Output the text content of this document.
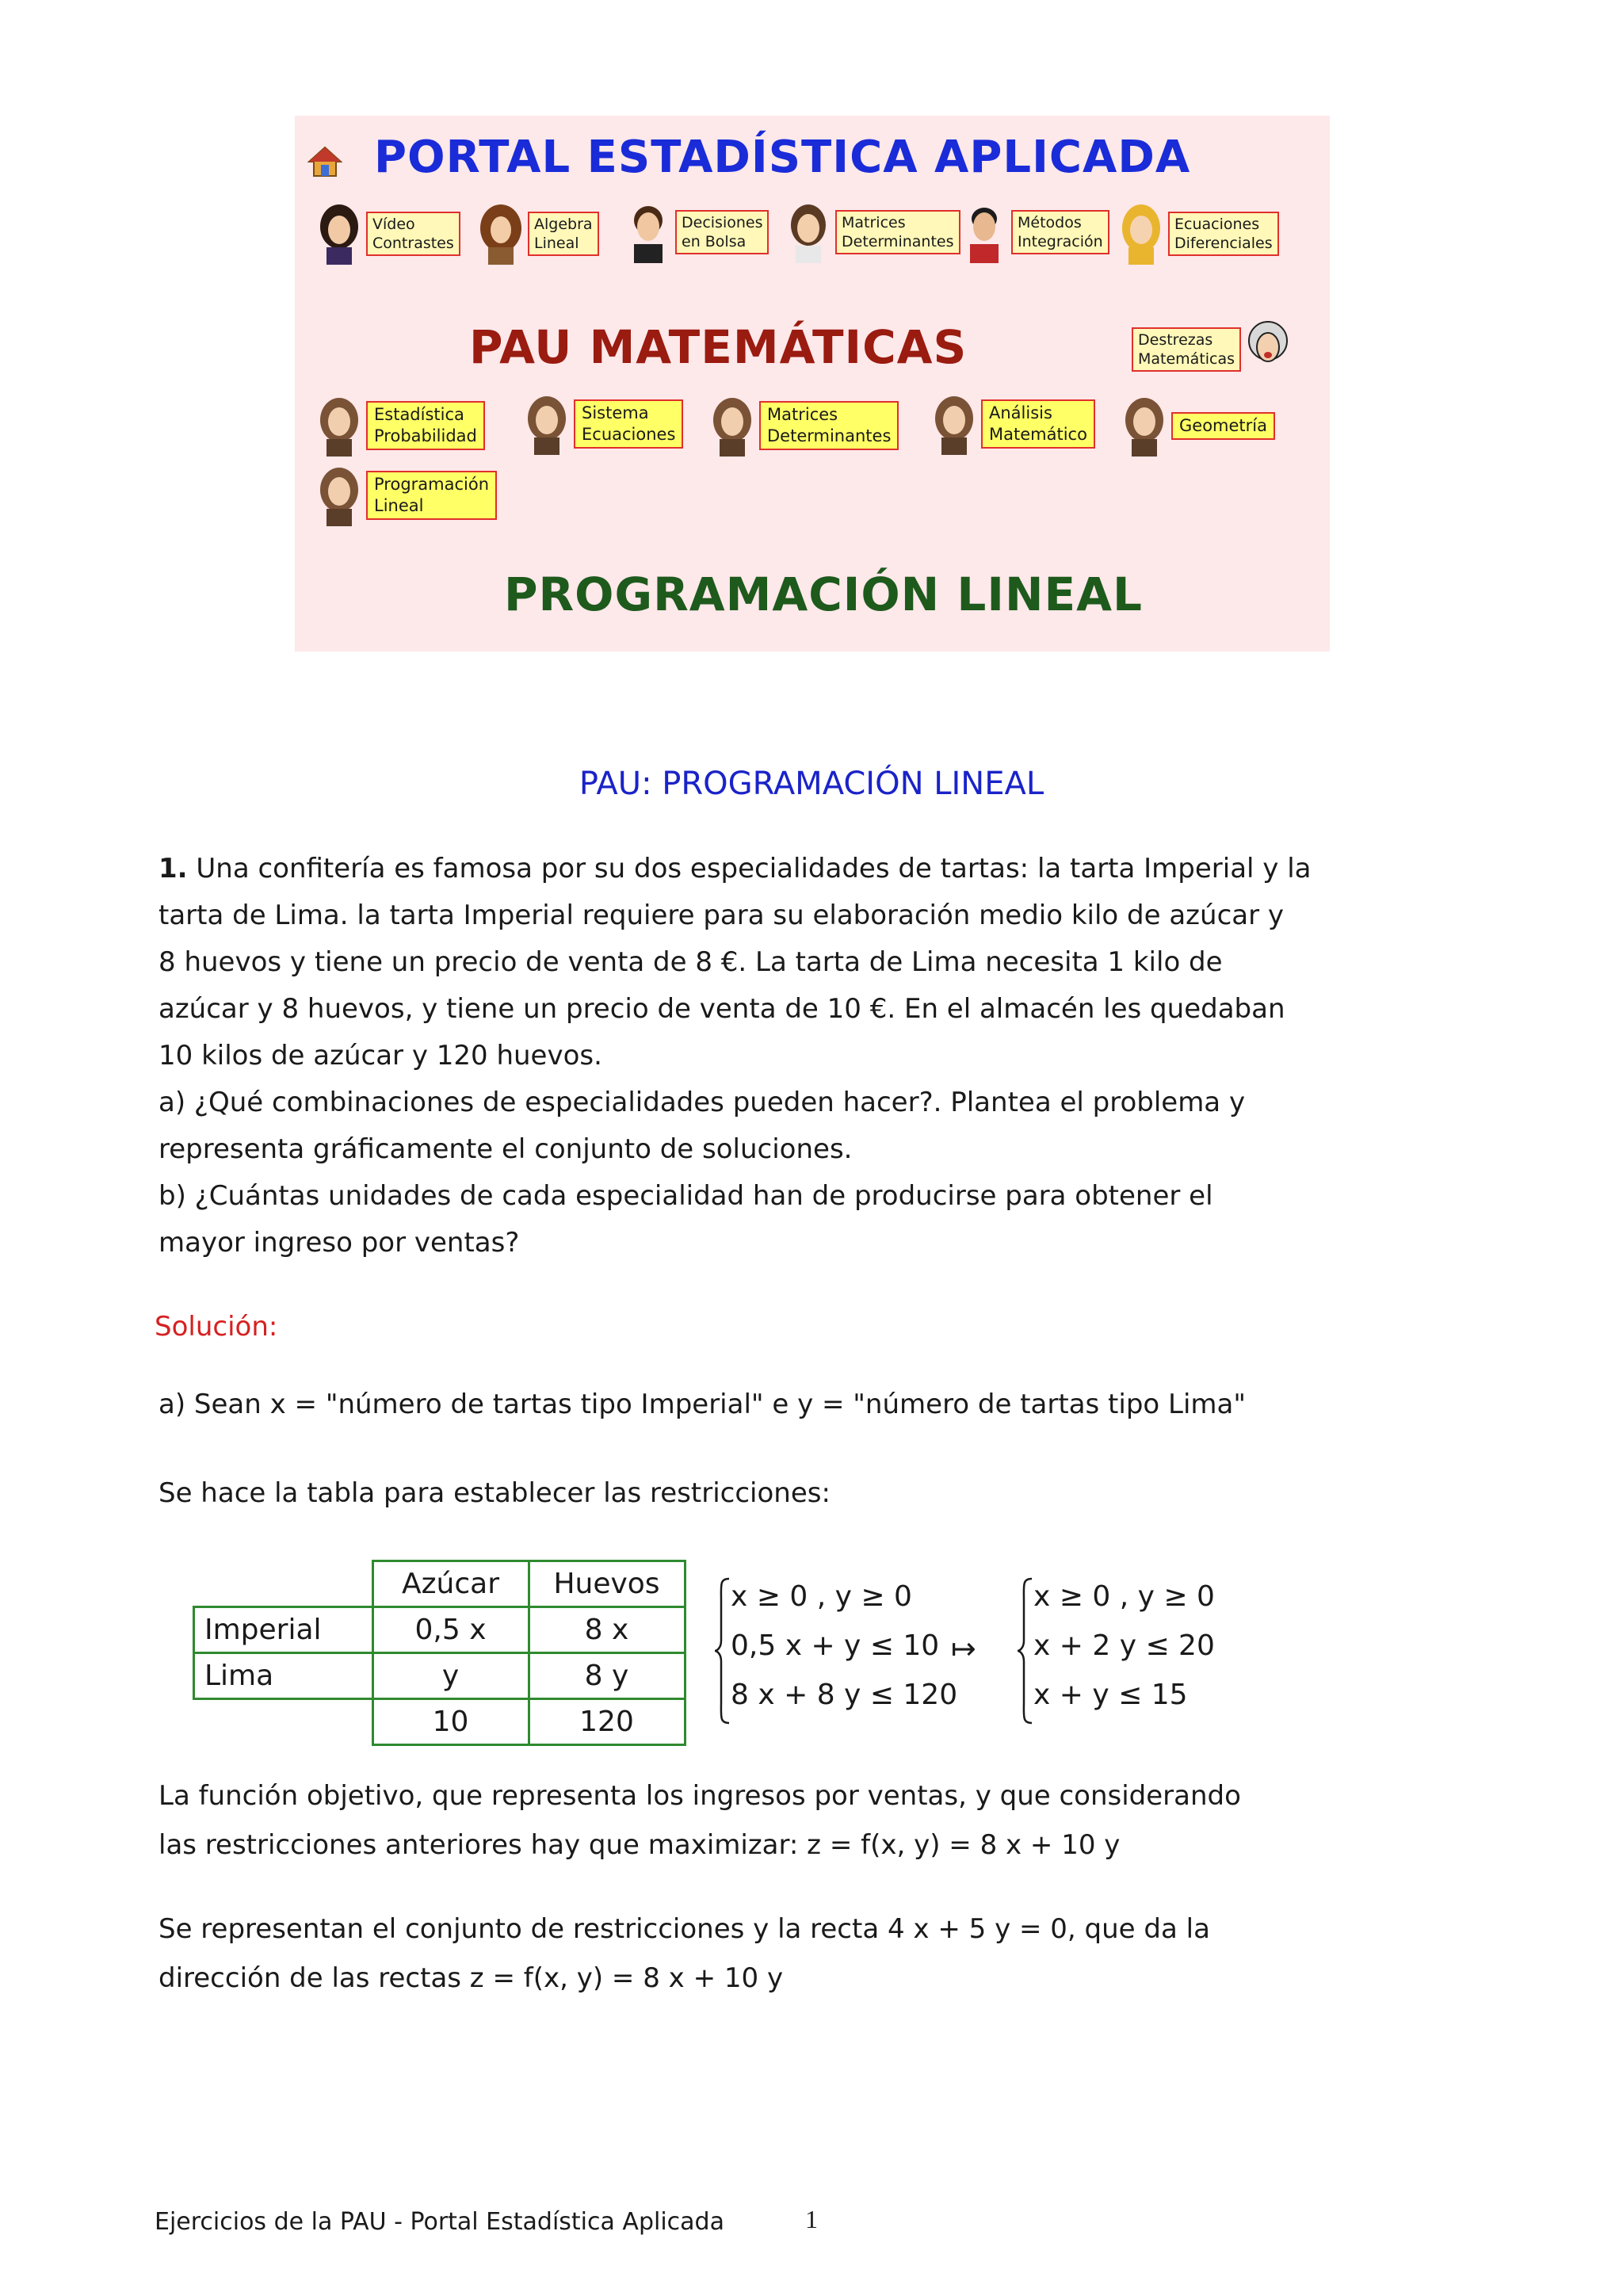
PORTAL ESTADÍSTICA APLICADA
Vídeo
Contrastes
Algebra
Lineal
Decisiones
en Bolsa
Matrices
Determinantes
Métodos
Integración
Ecuaciones
Diferenciales
PAU MATEMÁTICAS	Destrezas
Matemáticas
Estadística
Probabilidad
Sistema
Ecuaciones
Matrices
Determinantes
Análisis
Matemático	Geometría
Programación
Lineal
PROGRAMACIÓN LINEAL
PAU: PROGRAMACIÓN LINEAL
1. Una confitería es famosa por su dos especialidades de tartas: la tarta Imperial y la
tarta de Lima. la tarta Imperial requiere para su elaboración medio kilo de azúcar y
8 huevos y tiene un precio de venta de 8 €. La tarta de Lima necesita 1 kilo de
azúcar y 8 huevos, y tiene un precio de venta de 10 €. En el almacén les quedaban
10 kilos de azúcar y 120 huevos.
a) ¿Qué combinaciones de especialidades pueden hacer?. Plantea el problema y
representa gráficamente el conjunto de soluciones.
b) ¿Cuántas unidades de cada especialidad han de producirse para obtener el
mayor ingreso por ventas?
Solución:
a) Sean x = "número de tartas tipo Imperial" e y = "número de tartas tipo Lima"
Se hace la tabla para establecer las restricciones:
	Azúcar	Huevos
Imperial	0,5 x	8 x
Lima	y	8 y
	10	120
x ≥ 0 , y ≥ 0
0,5 x + y ≤ 10
8 x + 8 y ≤ 120
↦
x ≥ 0 , y ≥ 0
x + 2 y ≤ 20
x + y ≤ 15
La función objetivo, que representa los ingresos por ventas, y que considerando
las restricciones anteriores hay que maximizar: z = f(x, y) = 8 x + 10 y
Se representan el conjunto de restricciones y la recta 4 x + 5 y = 0, que da la
dirección de las rectas z = f(x, y) = 8 x + 10 y
Ejercicios de la PAU - Portal Estadística Aplicada	1
